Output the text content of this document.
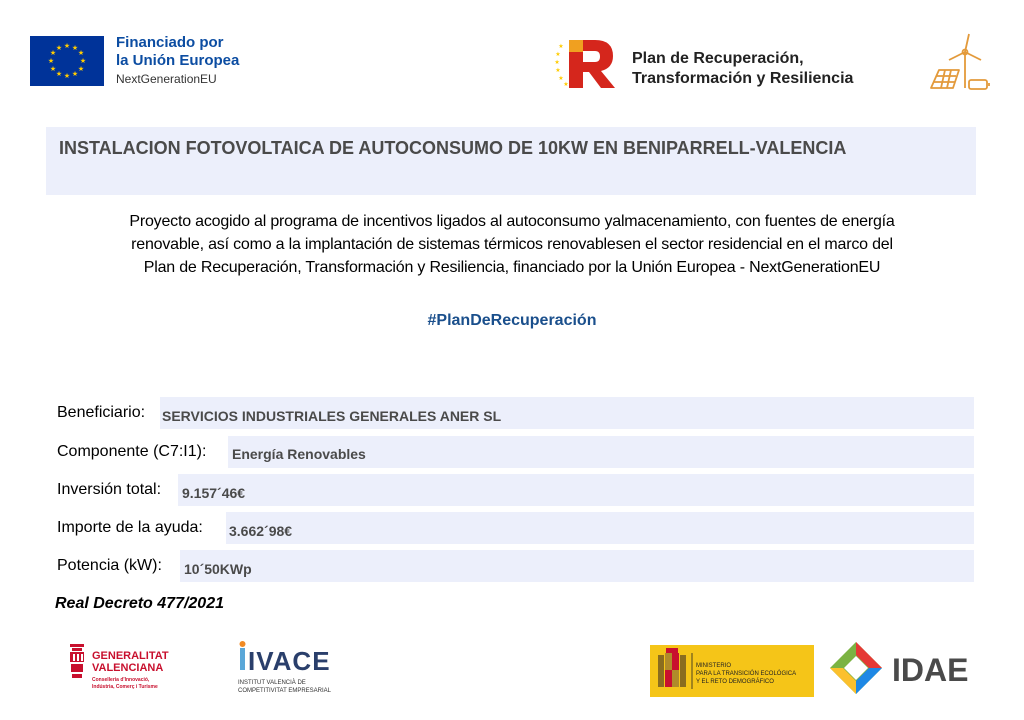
★ ★
★
★
★
★
★
★
★
★
★
★	Financiado por
la Unión Europea
NextGenerationEU
★
★
★
★
★
★
Plan de Recuperación,
Transformación y Resiliencia
INSTALACION FOTOVOLTAICA DE AUTOCONSUMO DE 10KW EN BENIPARRELL-VALENCIA
Proyecto acogido al programa de incentivos ligados al autoconsumo yalmacenamiento, con fuentes de energía
renovable, así como a la implantación de sistemas térmicos renovablesen el sector residencial en el marco del
Plan de Recuperación, Transformación y Resiliencia, financiado por la Unión Europea - NextGenerationEU
#PlanDeRecuperación
Beneficiario: SERVICIOS INDUSTRIALES GENERALES ANER SL
Componente (C7:I1): Energía Renovables
Inversión total: 9.157´46€
Importe de la ayuda: 3.662´98€
Potencia (kW): 10´50KWp
Real Decreto 477/2021
GENERALITAT
VALENCIANA
Conselleria d'Innovació,
Indústria, Comerç i Turisme
IVACE
INSTITUT VALENCIÀ DE
COMPETITIVITAT EMPRESARIAL
MINISTERIO
PARA LA TRANSICIÓN ECOLÓGICA
Y EL RETO DEMOGRÁFICO	IDAE
